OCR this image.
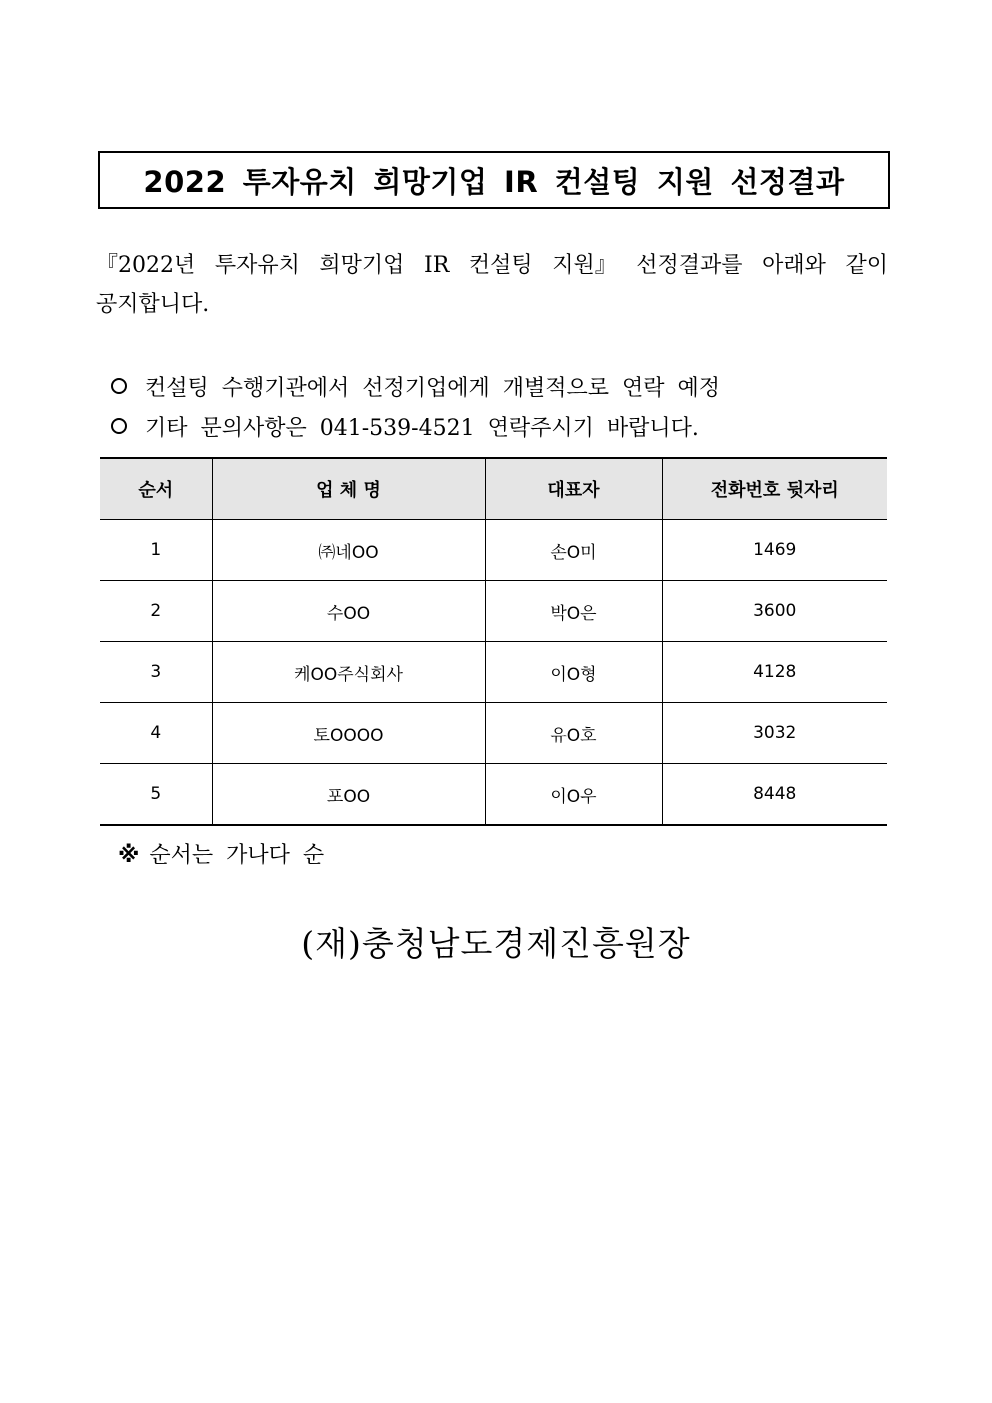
2022 투자유치 희망기업 IR 컨설팅 지원 선정결과
『2022년 투자유치 희망기업 IR 컨설팅 지원』 선정결과를 아래와 같이
공지합니다.
컨설팅 수행기관에서 선정기업에게 개별적으로 연락 예정
기타 문의사항은 041-539-4521 연락주시기 바랍니다.
순서	업 체 명	대표자	전화번호 뒷자리
1	㈜네OO	손O미	1469
2	수OO	박O은	3600
3	케OO주식회사	이O형	4128
4	토OOOO	유O호	3032
5	포OO	이O우	8448
※ 순서는 가나다 순
(재)충청남도경제진흥원장
